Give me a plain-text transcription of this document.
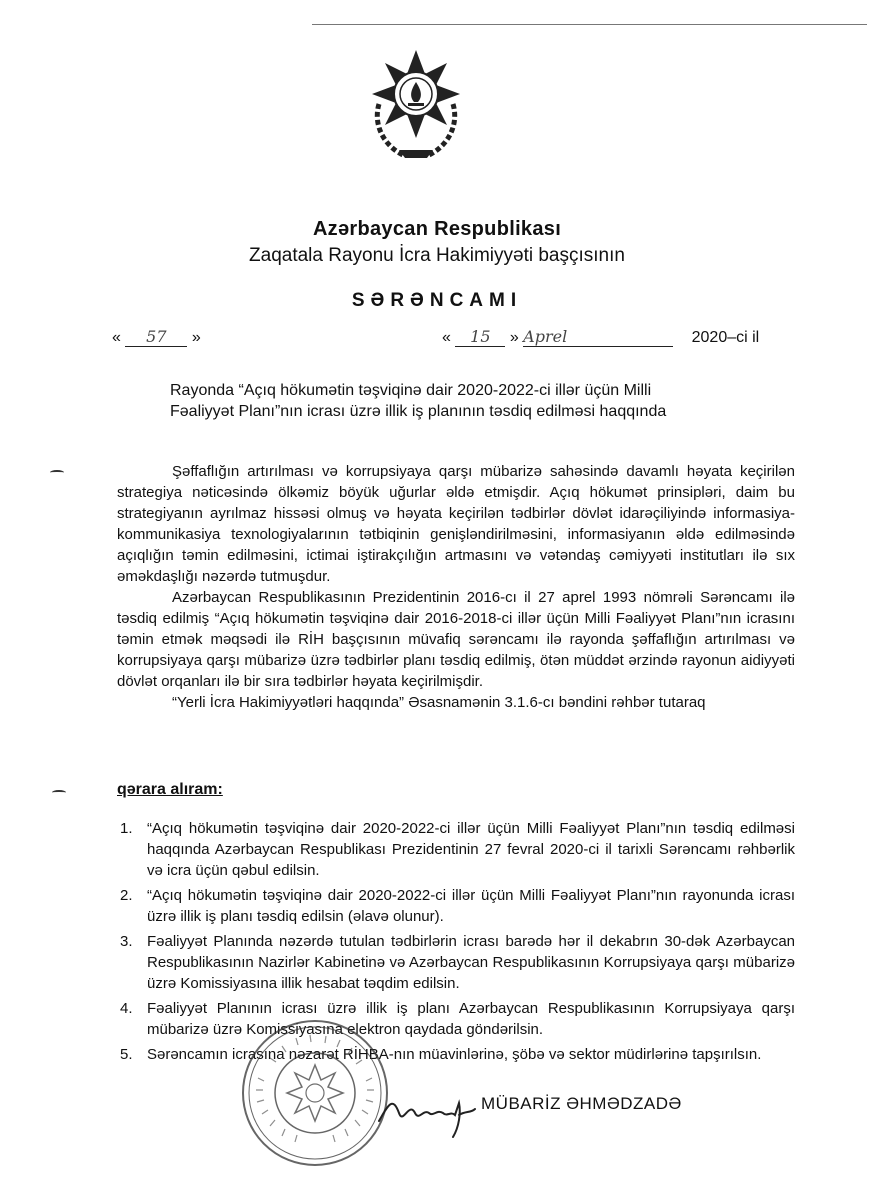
Azərbaycan Respublikası
Zaqatala Rayonu İcra Hakimiyyəti başçısının
SƏRƏNCAMI
« 57 »	« 15 » Aprel	2020–ci il
Rayonda “Açıq hökumətin təşviqinə dair 2020-2022-ci illər üçün Milli Fəaliyyət Planı”nın icrası üzrə illik iş planının təsdiq edilməsi haqqında

Şəffaflığın artırılması və korrupsiyaya qarşı mübarizə sahəsində davamlı həyata keçirilən strategiya nəticəsində ölkəmiz böyük uğurlar əldə etmişdir. Açıq hökumət prinsipləri, daim bu strategiyanın ayrılmaz hissəsi olmuş və həyata keçirilən tədbirlər dövlət idarəçiliyində informasiya-kommunikasiya texnologiyalarının tətbiqinin genişləndirilməsini, informasiyanın əldə edilməsində açıqlığın təmin edilməsini, ictimai iştirakçılığın artmasını və vətəndaş cəmiyyəti institutları ilə sıx əməkdaşlığı nəzərdə tutmuşdur.

Azərbaycan Respublikasının Prezidentinin 2016-cı il 27 aprel 1993 nömrəli Sərəncamı ilə təsdiq edilmiş “Açıq hökumətin təşviqinə dair 2016-2018-ci illər üçün Milli Fəaliyyət Planı”nın icrasını təmin etmək məqsədi ilə RİH başçısının müvafiq sərəncamı ilə rayonda şəffaflığın artırılması və korrupsiyaya qarşı mübarizə üzrə tədbirlər planı təsdiq edilmiş, ötən müddət ərzində rayonun aidiyyəti dövlət orqanları ilə bir sıra tədbirlər həyata keçirilmişdir.

“Yerli İcra Hakimiyyətləri haqqında” Əsasnamənin 3.1.6-cı bəndini rəhbər tutaraq

qərara alıram:
1. “Açıq hökumətin təşviqinə dair 2020-2022-ci illər üçün Milli Fəaliyyət Planı”nın təsdiq edilməsi haqqında Azərbaycan Respublikası Prezidentinin 27 fevral 2020-ci il tarixli Sərəncamı rəhbərlik və icra üçün qəbul edilsin.
2. “Açıq hökumətin təşviqinə dair 2020-2022-ci illər üçün Milli Fəaliyyət Planı”nın rayonunda icrası üzrə illik iş planı təsdiq edilsin (əlavə olunur).
3. Fəaliyyət Planında nəzərdə tutulan tədbirlərin icrası barədə hər il dekabrın 30-dək Azərbaycan Respublikasının Nazirlər Kabinetinə və Azərbaycan Respublikasının Korrupsiyaya qarşı mübarizə üzrə Komissiyasına illik hesabat təqdim edilsin.
4. Fəaliyyət Planının icrası üzrə illik iş planı Azərbaycan Respublikasının Korrupsiyaya qarşı mübarizə üzrə Komissiyasına elektron qaydada göndərilsin.
5. Sərəncamın icrasına nəzarət RİHBA-nın müavinlərinə, şöbə və sektor müdirlərinə tapşırılsın.
MÜBARİZ ƏHMƏDZADƏ
